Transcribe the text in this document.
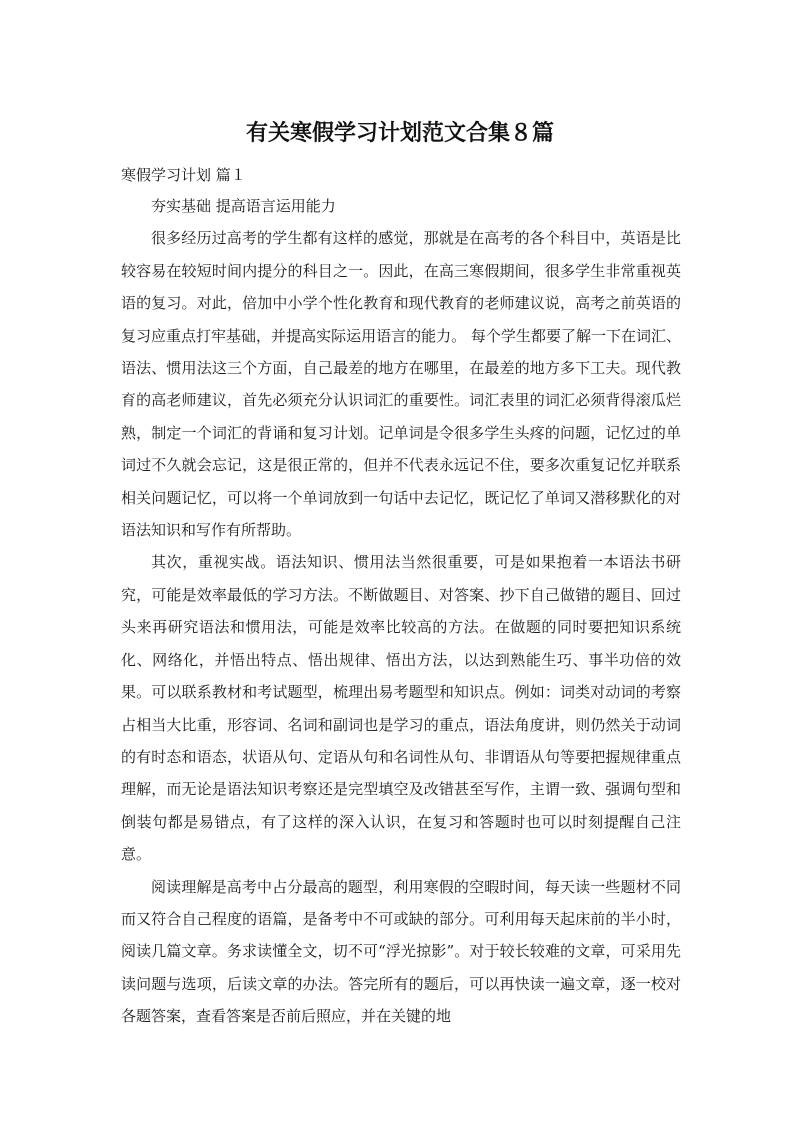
有关寒假学习计划范文合集８篇
寒假学习计划 篇１

夯实基础 提高语言运用能力

很多经历过高考的学生都有这样的感觉，那就是在高考的各个科目中，英语是比较容易在较短时间内提分的科目之一。因此，在高三寒假期间，很多学生非常重视英语的复习。对此，倍加中小学个性化教育和现代教育的老师建议说，高考之前英语的复习应重点打牢基础，并提高实际运用语言的能力。 每个学生都要了解一下在词汇、语法、惯用法这三个方面，自己最差的地方在哪里，在最差的地方多下工夫。现代教育的高老师建议，首先必须充分认识词汇的重要性。词汇表里的词汇必须背得滚瓜烂熟，制定一个词汇的背诵和复习计划。记单词是令很多学生头疼的问题，记忆过的单词过不久就会忘记，这是很正常的，但并不代表永远记不住，要多次重复记忆并联系相关问题记忆，可以将一个单词放到一句话中去记忆，既记忆了单词又潜移默化的对语法知识和写作有所帮助。

其次，重视实战。语法知识、惯用法当然很重要，可是如果抱着一本语法书研究，可能是效率最低的学习方法。不断做题目、对答案、抄下自己做错的题目、回过头来再研究语法和惯用法，可能是效率比较高的方法。在做题的同时要把知识系统化、网络化，并悟出特点、悟出规律、悟出方法，以达到熟能生巧、事半功倍的效果。可以联系教材和考试题型，梳理出易考题型和知识点。例如：词类对动词的考察占相当大比重，形容词、名词和副词也是学习的重点，语法角度讲，则仍然关于动词的有时态和语态，状语从句、定语从句和名词性从句、非谓语从句等要把握规律重点理解，而无论是语法知识考察还是完型填空及改错甚至写作，主谓一致、强调句型和倒装句都是易错点，有了这样的深入认识，在复习和答题时也可以时刻提醒自己注意。

阅读理解是高考中占分最高的题型，利用寒假的空暇时间，每天读一些题材不同而又符合自己程度的语篇，是备考中不可或缺的部分。可利用每天起床前的半小时，阅读几篇文章。务求读懂全文，切不可“浮光掠影”。对于较长较难的文章，可采用先读问题与选项，后读文章的办法。答完所有的题后，可以再快读一遍文章，逐一校对各题答案，查看答案是否前后照应，并在关键的地
